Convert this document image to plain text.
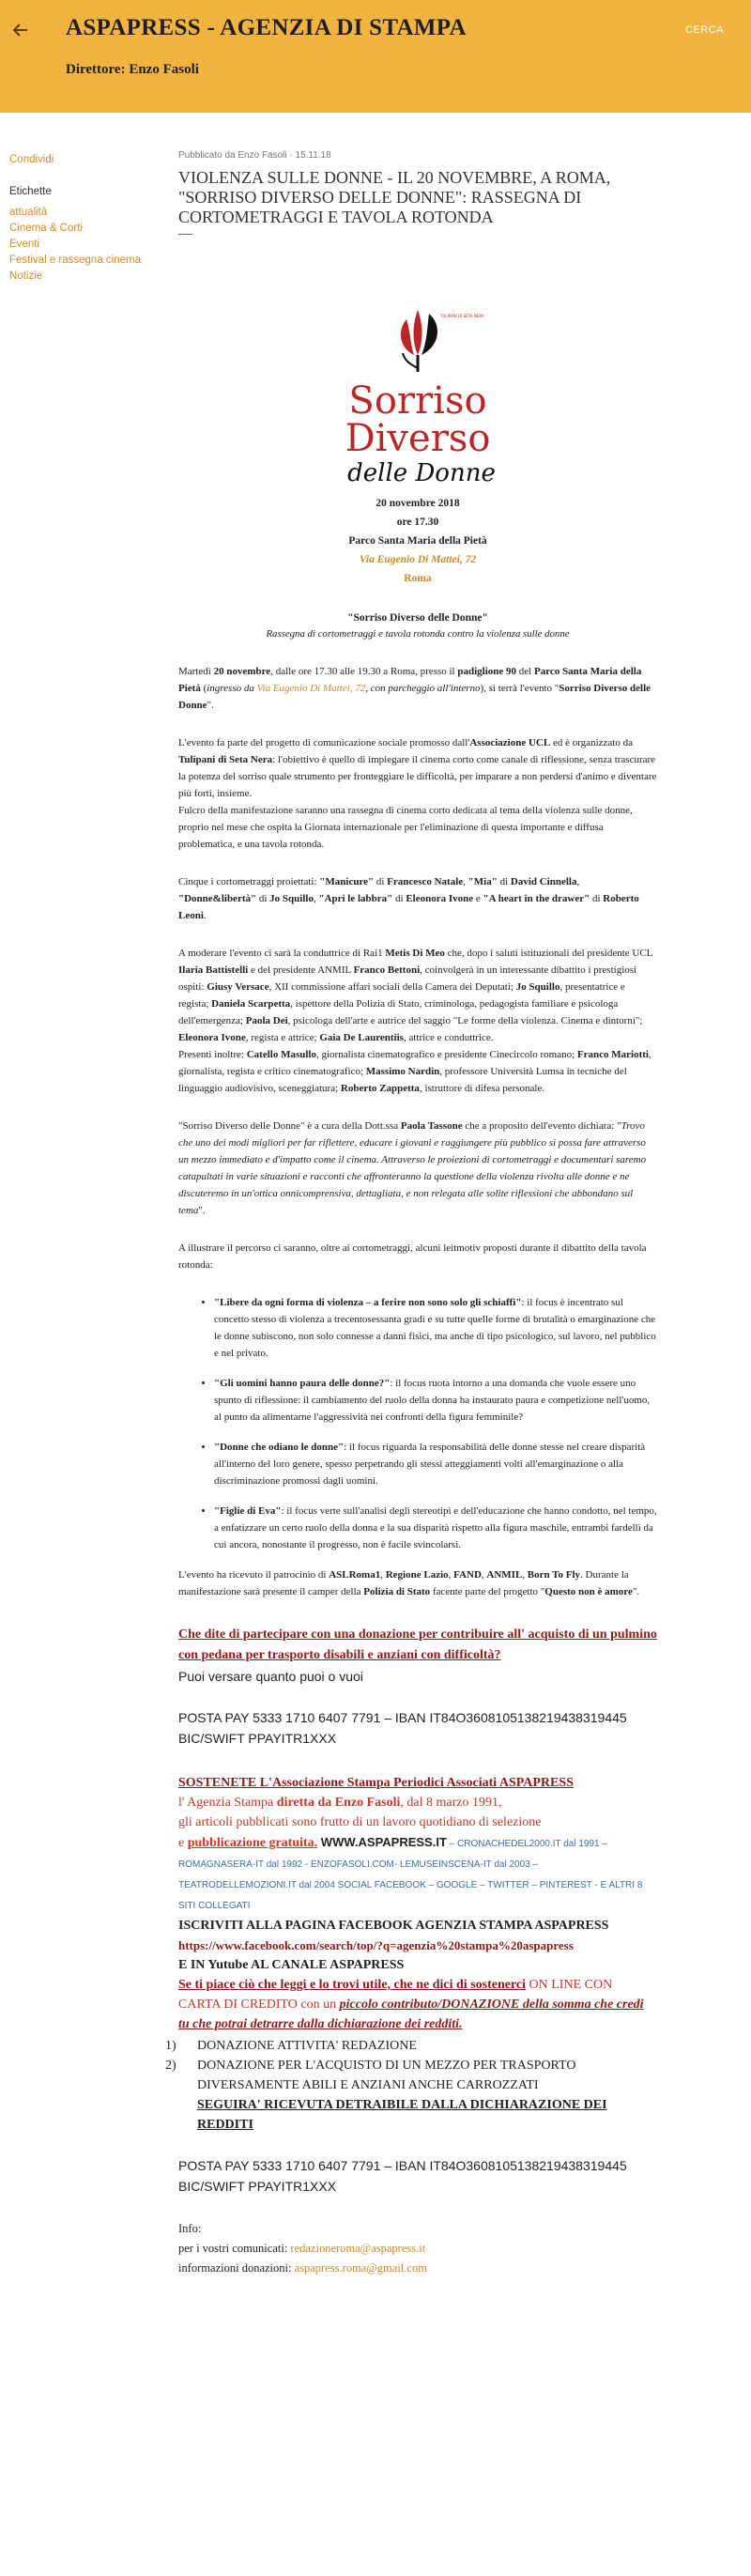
ASPAPRESS - AGENZIA DI STAMPA
Direttore: Enzo Fasoli
CERCA
Condividi
Etichette
attualità
Cinema & Corti
Eventi
Festival e rassegna cinema
Notizie
Pubblicato da Enzo Fasoli · 15.11.18
VIOLENZA SULLE DONNE - IL 20 NOVEMBRE, A ROMA, "SORRISO DIVERSO DELLE DONNE": RASSEGNA DI CORTOMETRAGGI E TAVOLA ROTONDA
—
TULIPANI DI SETA NERA
Sorriso
Diverso
delle Donne
20 novembre 2018
ore 17.30
Parco Santa Maria della Pietà
Via Eugenio Di Mattei, 72
Roma
"Sorriso Diverso delle Donne"
Rassegna di cortometraggi e tavola rotonda contro la violenza sulle donne
Martedì 20 novembre, dalle ore 17.30 alle 19.30 a Roma, presso il padiglione 90 del Parco Santa Maria della Pietà (ingresso da Via Eugenio Di Mattei, 72, con parcheggio all'interno), si terrà l'evento "Sorriso Diverso delle Donne".
L'evento fa parte del progetto di comunicazione sociale promosso dall'Associazione UCL ed è organizzato da Tulipani di Seta Nera: l'obiettivo è quello di impiegare il cinema corto come canale di riflessione, senza trascurare la potenza del sorriso quale strumento per fronteggiare le difficoltà, per imparare a non perdersi d'animo e diventare più forti, insieme.
Fulcro della manifestazione saranno una rassegna di cinema corto dedicata al tema della violenza sulle donne, proprio nel mese che ospita la Giornata internazionale per l'eliminazione di questa importante e diffusa problematica, e una tavola rotonda.
Cinque i cortometraggi proiettati: "Manicure" di Francesco Natale, "Mia" di David Cinnella, "Donne&libertà" di Jo Squillo, "Apri le labbra" di Eleonora Ivone e "A heart in the drawer" di Roberto Leoni.
A moderare l'evento ci sarà la conduttrice di Rai1 Metis Di Meo che, dopo i saluti istituzionali del presidente UCL Ilaria Battistelli e del presidente ANMIL Franco Bettoni, coinvolgerà in un interessante dibattito i prestigiosi ospiti: Giusy Versace, XII commissione affari sociali della Camera dei Deputati; Jo Squillo, presentatrice e regista; Daniela Scarpetta, ispettore della Polizia di Stato, criminologa, pedagogista familiare e psicologa dell'emergenza; Paola Dei, psicologa dell'arte e autrice del saggio "Le forme della violenza. Cinema e dintorni"; Eleonora Ivone, regista e attrice; Gaia De Laurentiis, attrice e conduttrice.
Presenti inoltre: Catello Masullo, giornalista cinematografico e presidente Cinecircolo romano; Franco Mariotti, giornalista, regista e critico cinematografico; Massimo Nardin, professore Università Lumsa in tecniche del linguaggio audiovisivo, sceneggiatura; Roberto Zappetta, istruttore di difesa personale.
"Sorriso Diverso delle Donne" è a cura della Dott.ssa Paola Tassone che a proposito dell'evento dichiara: "Trovo che uno dei modi migliori per far riflettere, educare i giovani e raggiungere più pubblico si possa fare attraverso un mezzo immediato e d'impatto come il cinema. Attraverso le proiezioni di cortometraggi e documentari saremo catapultati in varie situazioni e racconti che affronteranno la questione della violenza rivolta alle donne e ne discuteremo in un'ottica onnicomprensiva, dettagliata, e non relegata alle solite riflessioni che abbondano sul tema".
A illustrare il percorso ci saranno, oltre ai cortometraggi, alcuni leitmotiv proposti durante il dibattito della tavola rotonda:
• "Libere da ogni forma di violenza – a ferire non sono solo gli schiaffi": il focus è incentrato sul concetto stesso di violenza a trecentosessanta gradi e su tutte quelle forme di brutalità o emarginazione che le donne subiscono, non solo connesse a danni fisici, ma anche di tipo psicologico, sul lavoro, nel pubblico e nel privato.
• "Gli uomini hanno paura delle donne?": il focus ruota intorno a una domanda che vuole essere uno spunto di riflessione: il cambiamento del ruolo della donna ha instaurato paura e competizione nell'uomo, al punto da alimentarne l'aggressività nei confronti della figura femminile?
• "Donne che odiano le donne": il focus riguarda la responsabilità delle donne stesse nel creare disparità all'interno del loro genere, spesso perpetrando gli stessi atteggiamenti volti all'emarginazione o alla discriminazione promossi dagli uomini.
• "Figlie di Eva": il focus verte sull'analisi degli stereotipi e dell'educazione che hanno condotto, nel tempo, a enfatizzare un certo ruolo della donna e la sua disparità rispetto alla figura maschile, entrambi fardelli da cui ancora, nonostante il progresso, non è facile svincolarsi.
L'evento ha ricevuto il patrocinio di ASLRoma1, Regione Lazio, FAND, ANMIL, Born To Fly. Durante la manifestazione sarà presente il camper della Polizia di Stato facente parte del progetto "Questo non è amore".
Che dite di partecipare con una donazione per contribuire all' acquisto di un pulmino con pedana per trasporto disabili e anziani con difficoltà?
Puoi versare quanto puoi o vuoi
POSTA PAY 5333 1710 6407 7791 – IBAN IT84O3608105138219438319445
BIC/SWIFT PPAYITR1XXX
SOSTENETE L'Associazione Stampa Periodici Associati ASPAPRESS
l' Agenzia Stampa diretta da Enzo Fasoli, dal 8 marzo 1991,
gli articoli pubblicati sono frutto di un lavoro quotidiano di selezione
e pubblicazione gratuita. WWW.ASPAPRESS.IT – CRONACHEDEL2000.IT dal 1991 – ROMAGNASERA-IT dal 1992 - ENZOFASOLI.COM- LEMUSEINSCENA-IT dal 2003 – TEATRODELLEMOZIONI.IT dal 2004 SOCIAL FACEBOOK – GOOGLE – TWITTER – PINTEREST - E ALTRI 8 SITI COLLEGATI
ISCRIVITI ALLA PAGINA FACEBOOK AGENZIA STAMPA ASPAPRESS
https://www.facebook.com/search/top/?q=agenzia%20stampa%20aspapress
E IN Yutube AL CANALE ASPAPRESS
Se ti piace ciò che leggi e lo trovi utile, che ne dici di sostenerci ON LINE CON CARTA DI CREDITO con un piccolo contributo/DONAZIONE della somma che credi tu che potrai detrarre dalla dichiarazione dei redditi.
1) DONAZIONE ATTIVITA' REDAZIONE
2) DONAZIONE PER L'ACQUISTO DI UN MEZZO PER TRASPORTO DIVERSAMENTE ABILI E ANZIANI ANCHE CARROZZATI
SEGUIRA' RICEVUTA DETRAIBILE DALLA DICHIARAZIONE DEI REDDITI
POSTA PAY 5333 1710 6407 7791 – IBAN IT84O3608105138219438319445
BIC/SWIFT PPAYITR1XXX
Info:
per i vostri comunicati: redazioneroma@aspapress.it
informazioni donazioni: aspapress.roma@gmail.com
